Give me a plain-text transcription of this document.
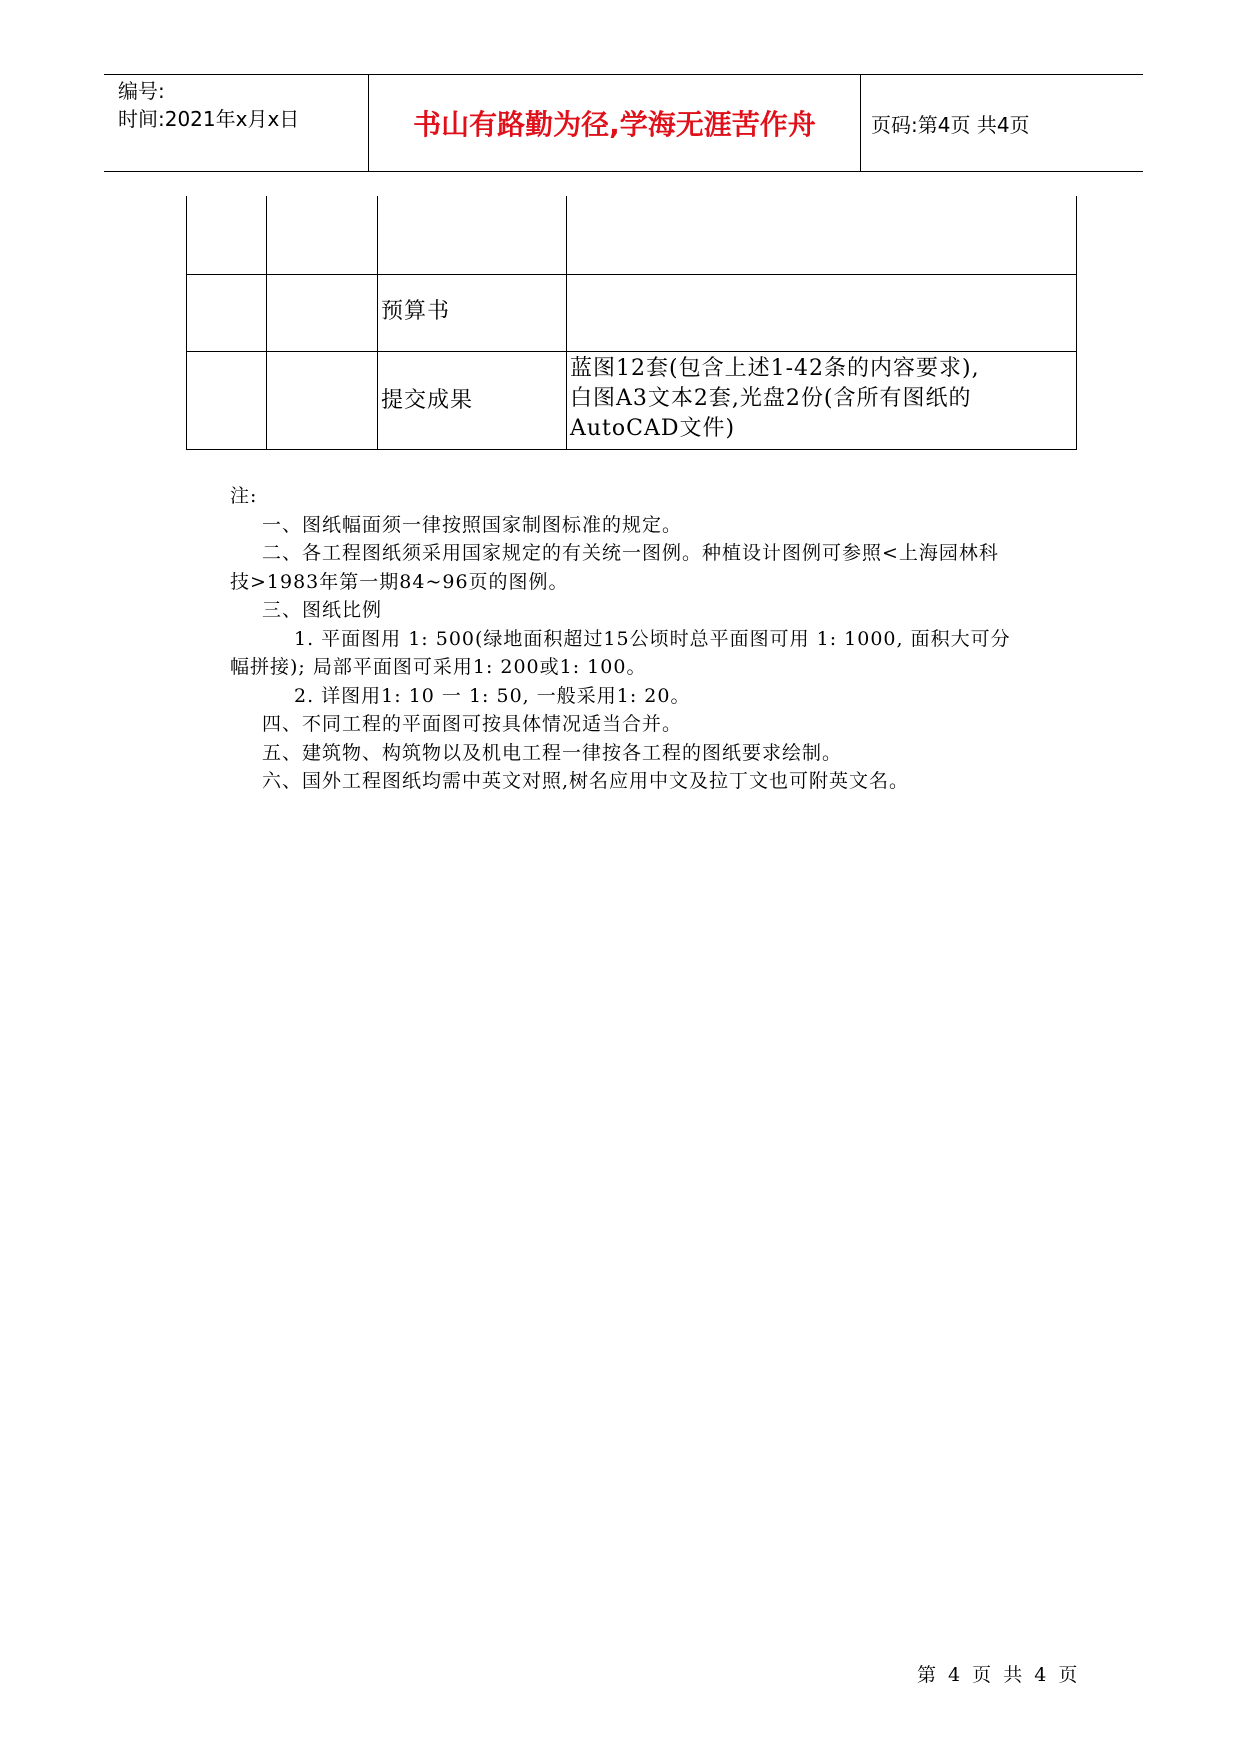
编号:
时间:2021年x月x日	书山有路勤为径,学海无涯苦作舟	页码:第4页 共4页
预算书
提交成果
蓝图12套(包含上述1-42条的内容要求),
白图A3文本2套,光盘2份(含所有图纸的
AutoCAD文件)

注:

一、图纸幅面须一律按照国家制图标准的规定。

二、各工程图纸须采用国家规定的有关统一图例。种植设计图例可参照<上海园林科

技>1983年第一期84~96页的图例。

三、图纸比例

1. 平面图用 1: 500(绿地面积超过15公顷时总平面图可用 1: 1000, 面积大可分

幅拼接); 局部平面图可采用1: 200或1: 100。

2. 详图用1: 10 一 1: 50, 一般采用1: 20。

四、不同工程的平面图可按具体情况适当合并。

五、建筑物、构筑物以及机电工程一律按各工程的图纸要求绘制。

六、国外工程图纸均需中英文对照,树名应用中文及拉丁文也可附英文名。

第 4 页 共 4 页
